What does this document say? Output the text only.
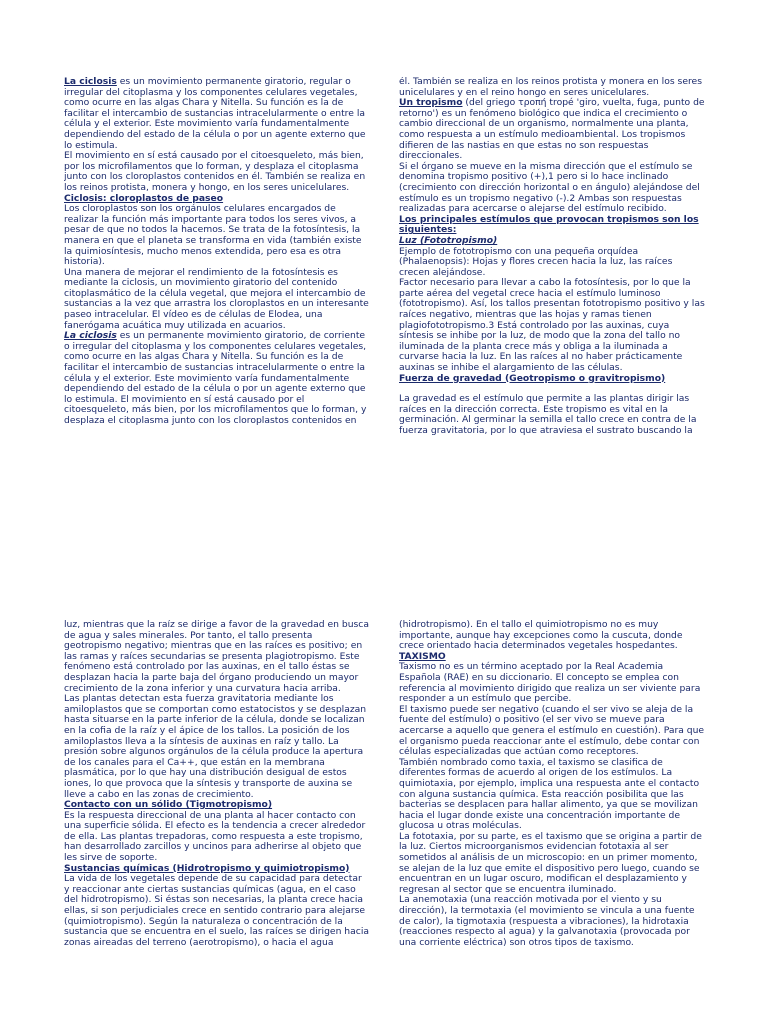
La ciclosis es un movimiento permanente giratorio, regular o irregular del citoplasma y los componentes celulares vegetales, como ocurre en las algas Chara y Nitella. Su función es la de facilitar el intercambio de sustancias intracelularmente o entre la célula y el exterior. Este movimiento varía fundamentalmente dependiendo del estado de la célula o por un agente externo que lo estimula.

El movimiento en sí está causado por el citoesqueleto, más bien, por los microfilamentos que lo forman, y desplaza el citoplasma junto con los cloroplastos contenidos en él. También se realiza en los reinos protista, monera y hongo, en los seres unicelulares.

Ciclosis: cloroplastos de paseo

Los cloroplastos son los orgánulos celulares encargados de realizar la función más importante para todos los seres vivos, a pesar de que no todos la hacemos. Se trata de la fotosíntesis, la manera en que el planeta se transforma en vida (también existe la quimiosíntesis, mucho menos extendida, pero esa es otra historia).

Una manera de mejorar el rendimiento de la fotosíntesis es mediante la ciclosis, un movimiento giratorio del contenido citoplasmático de la célula vegetal, que mejora el intercambio de sustancias a la vez que arrastra los cloroplastos en un interesante paseo intracelular. El vídeo es de células de Elodea, una fanerógama acuática muy utilizada en acuarios.

La ciclosis es un permanente movimiento giratorio, de corriente o irregular del citoplasma y los componentes celulares vegetales, como ocurre en las algas Chara y Nitella. Su función es la de facilitar el intercambio de sustancias intracelularmente o entre la célula y el exterior. Este movimiento varía fundamentalmente dependiendo del estado de la célula o por un agente externo que lo estimula. El movimiento en sí está causado por el citoesqueleto, más bien, por los microfilamentos que lo forman, y desplaza el citoplasma junto con los cloroplastos contenidos en

él. También se realiza en los reinos protista y monera en los seres unicelulares y en el reino hongo en seres unicelulares.

Un tropismo (del griego τροπή tropé 'giro, vuelta, fuga, punto de retorno') es un fenómeno biológico que indica el crecimiento o cambio direccional de un organismo, normalmente una planta, como respuesta a un estímulo medioambiental. Los tropismos difieren de las nastias en que estas no son respuestas direccionales.

Si el órgano se mueve en la misma dirección que el estímulo se denomina tropismo positivo (+),1 pero si lo hace inclinado (crecimiento con dirección horizontal o en ángulo) alejándose del estímulo es un tropismo negativo (-).2 Ambas son respuestas realizadas para acercarse o alejarse del estímulo recibido.

Los principales estímulos que provocan tropismos son los siguientes:

Luz (Fototropismo)

Ejemplo de fototropismo con una pequeña orquídea (Phalaenopsis): Hojas y flores crecen hacia la luz, las raíces crecen alejándose.

Factor necesario para llevar a cabo la fotosíntesis, por lo que la parte aérea del vegetal crece hacia el estímulo luminoso (fototropismo). Así, los tallos presentan fototropismo positivo y las raíces negativo, mientras que las hojas y ramas tienen plagiofototropismo.3 Está controlado por las auxinas, cuya síntesis se inhibe por la luz, de modo que la zona del tallo no iluminada de la planta crece más y obliga a la iluminada a curvarse hacia la luz. En las raíces al no haber prácticamente auxinas se inhibe el alargamiento de las células.

Fuerza de gravedad (Geotropismo o gravitropismo)

La gravedad es el estímulo que permite a las plantas dirigir las raíces en la dirección correcta. Este tropismo es vital en la germinación. Al germinar la semilla el tallo crece en contra de la fuerza gravitatoria, por lo que atraviesa el sustrato buscando la

luz, mientras que la raíz se dirige a favor de la gravedad en busca de agua y sales minerales. Por tanto, el tallo presenta geotropismo negativo; mientras que en las raíces es positivo; en las ramas y raíces secundarias se presenta plagiotropismo. Este fenómeno está controlado por las auxinas, en el tallo éstas se desplazan hacia la parte baja del órgano produciendo un mayor crecimiento de la zona inferior y una curvatura hacia arriba.

Las plantas detectan esta fuerza gravitatoria mediante los amiloplastos que se comportan como estatocistos y se desplazan hasta situarse en la parte inferior de la célula, donde se localizan en la cofia de la raíz y el ápice de los tallos. La posición de los amiloplastos lleva a la síntesis de auxinas en raíz y tallo. La presión sobre algunos orgánulos de la célula produce la apertura de los canales para el Ca++, que están en la membrana plasmática, por lo que hay una distribución desigual de estos iones, lo que provoca que la síntesis y transporte de auxina se lleve a cabo en las zonas de crecimiento.

Contacto con un sólido (Tigmotropismo)

Es la respuesta direccional de una planta al hacer contacto con una superficie sólida. El efecto es la tendencia a crecer alrededor de ella. Las plantas trepadoras, como respuesta a este tropismo, han desarrollado zarcillos y uncinos para adherirse al objeto que les sirve de soporte.

Sustancias químicas (Hidrotropismo y quimiotropismo)

La vida de los vegetales depende de su capacidad para detectar y reaccionar ante ciertas sustancias químicas (agua, en el caso del hidrotropismo). Si éstas son necesarias, la planta crece hacia ellas, si son perjudiciales crece en sentido contrario para alejarse (quimiotropismo). Según la naturaleza o concentración de la sustancia que se encuentra en el suelo, las raíces se dirigen hacia zonas aireadas del terreno (aerotropismo), o hacia el agua

(hidrotropismo). En el tallo el quimiotropismo no es muy importante, aunque hay excepciones como la cuscuta, donde crece orientado hacia determinados vegetales hospedantes.

TAXISMO

Taxismo no es un término aceptado por la Real Academia Española (RAE) en su diccionario. El concepto se emplea con referencia al movimiento dirigido que realiza un ser viviente para responder a un estímulo que percibe.

El taxismo puede ser negativo (cuando el ser vivo se aleja de la fuente del estímulo) o positivo (el ser vivo se mueve para acercarse a aquello que genera el estímulo en cuestión). Para que el organismo pueda reaccionar ante el estímulo, debe contar con células especializadas que actúan como receptores.

También nombrado como taxia, el taxismo se clasifica de diferentes formas de acuerdo al origen de los estímulos. La quimiotaxia, por ejemplo, implica una respuesta ante el contacto con alguna sustancia química. Esta reacción posibilita que las bacterias se desplacen para hallar alimento, ya que se movilizan hacia el lugar donde existe una concentración importante de glucosa u otras moléculas.

La fototaxia, por su parte, es el taxismo que se origina a partir de la luz. Ciertos microorganismos evidencian fototaxia al ser sometidos al análisis de un microscopio: en un primer momento, se alejan de la luz que emite el dispositivo pero luego, cuando se encuentran en un lugar oscuro, modifican el desplazamiento y regresan al sector que se encuentra iluminado.

La anemotaxia (una reacción motivada por el viento y su dirección), la termotaxia (el movimiento se vincula a una fuente de calor), la tigmotaxia (respuesta a vibraciones), la hidrotaxia (reacciones respecto al agua) y la galvanotaxia (provocada por una corriente eléctrica) son otros tipos de taxismo.
